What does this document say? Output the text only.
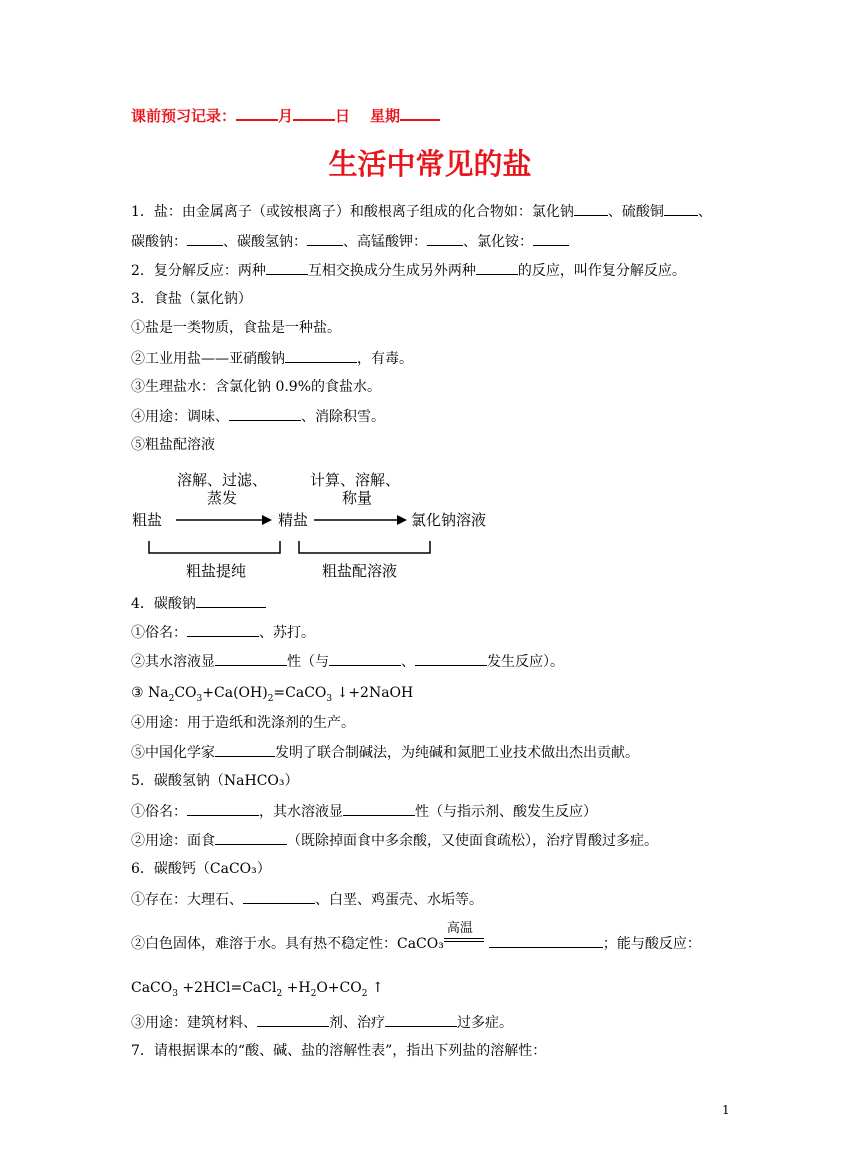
课前预习记录：	月	日 星期
生活中常见的盐
1．盐：由金属离子（或铵根离子）和酸根离子组成的化合物如：氯化钠 、硫酸铜 、
碳酸钠：	、碳酸氢钠：	、高锰酸钾：	、氯化铵：
2．复分解反应：两种	互相交换成分生成另外两种	的反应，叫作复分解反应。
3．食盐（氯化钠）
①盐是一类物质，食盐是一种盐。
②工业用盐——亚硝酸钠	，有毒。
③生理盐水：含氯化钠 0.9%的食盐水。
④用途：调味、	、消除积雪。
⑤粗盐配溶液
溶解、过滤、
蒸发
计算、溶解、
称量
粗盐	精盐	氯化钠溶液
粗盐提纯	粗盐配溶液
4．碳酸钠
①俗名：	、苏打。
②其水溶液显	性（与	、	发生反应）。
③ $Na_2CO_3+Ca(OH)_2=CaCO_3$ ↓+2NaOH
④用途：用于造纸和洗涤剂的生产。
⑤中国化学家	发明了联合制碱法，为纯碱和氮肥工业技术做出杰出贡献。
5．碳酸氢钠（NaHCO₃）
①俗名：	，其水溶液显	性（与指示剂、酸发生反应）
②用途：面食	（既除掉面食中多余酸，又使面食疏松），治疗胃酸过多症。
6．碳酸钙（CaCO₃）
①存在：大理石、	、白垩、鸡蛋壳、水垢等。
②白色固体，难溶于水。具有热不稳定性：CaCO₃
高温
；能与酸反应：
CaCO$_3$ +2HCl=CaCl$_2$ $+H_2O+CO_2$ ↑
③用途：建筑材料、	剂、治疗	过多症。
7．请根据课本的“酸、碱、盐的溶解性表”，指出下列盐的溶解性：
1
